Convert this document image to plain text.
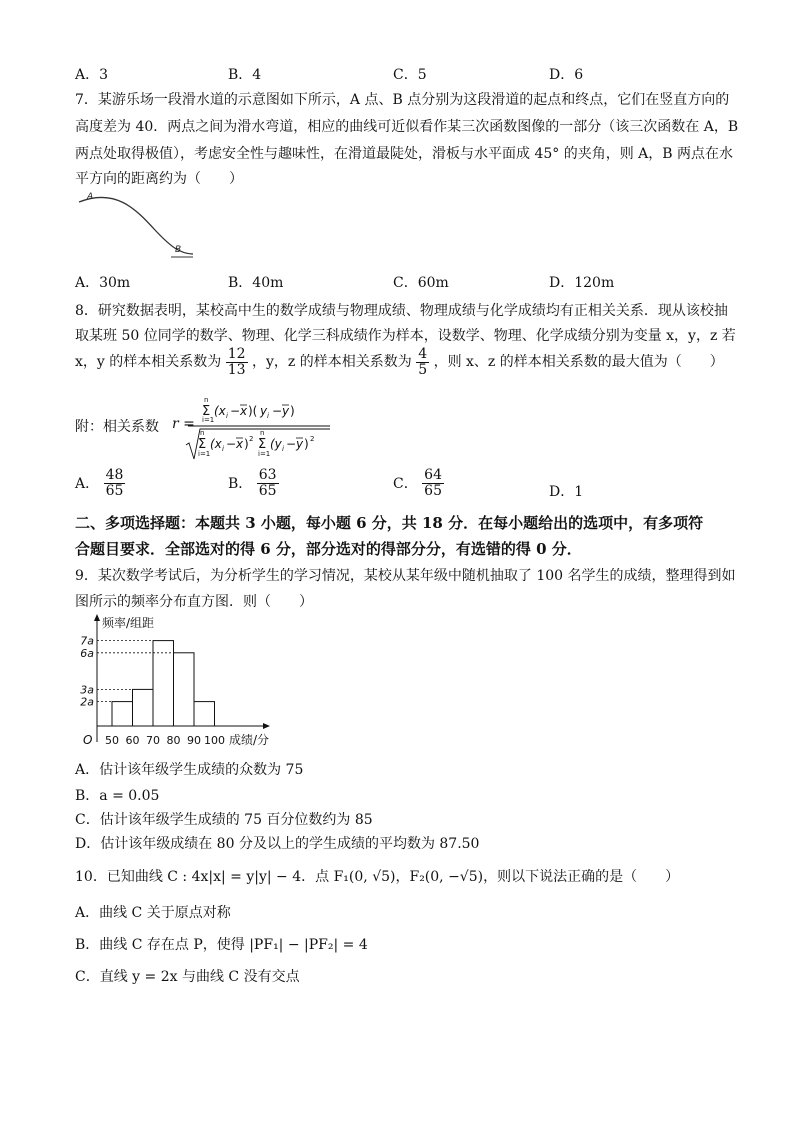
A．3	B．4	C．5	D．6
7．某游乐场一段滑水道的示意图如下所示，A 点、B 点分别为这段滑道的起点和终点，它们在竖直方向的
高度差为 40．两点之间为滑水弯道，相应的曲线可近似看作某三次函数图像的一部分（该三次函数在 A，B
两点处取得极值），考虑安全性与趣味性，在滑道最陡处，滑板与水平面成 45° 的夹角，则 A，B 两点在水
平方向的距离约为（　　）
A
B
A．30m	B．40m	C．60m	D．120m
8．研究数据表明，某校高中生的数学成绩与物理成绩、物理成绩与化学成绩均有正相关关系．现从该校抽
取某班 50 位同学的数学、物理、化学三科成绩作为样本，设数学、物理、化学成绩分别为变量 x，y，z 若
x，y 的样本相关系数为 $\frac{12}{13}$ ，y，z 的样本相关系数为 $\frac{4}{5}$ ，则 x、z 的样本相关系数的最大值为（　　）
附：相关系数 r =
n
Σ
i=1
(x i − x )( y i − y )
n
Σ
i=1
(x i − x ) 2
n
Σ
i=1
(y i − y ) 2
A． $\frac{48}{65}$	B． $\frac{63}{65}$	C． $\frac{64}{65}$	D．1
二、多项选择题：本题共 3 小题，每小题 6 分，共 18 分．在每小题给出的选项中，有多项符
合题目要求．全部选对的得 6 分，部分选对的得部分分，有选错的得 0 分．
9．某次数学考试后，为分析学生的学习情况，某校从某年级中随机抽取了 100 名学生的成绩，整理得到如
图所示的频率分布直方图．则（　　）
50 60 70 80 90 100
2a
3a
6a
7a
频率/组距
成绩/分
O
A．估计该年级学生成绩的众数为 75
B．a = 0.05
C．估计该年级学生成绩的 75 百分位数约为 85
D．估计该年级成绩在 80 分及以上的学生成绩的平均数为 87.50
10．已知曲线 C : 4x|x| = y|y| − 4．点 F₁(0, √5)，F₂(0, −√5)，则以下说法正确的是（　　）
A．曲线 C 关于原点对称
B．曲线 C 存在点 P，使得 |PF₁| − |PF₂| = 4
C．直线 y = 2x 与曲线 C 没有交点
